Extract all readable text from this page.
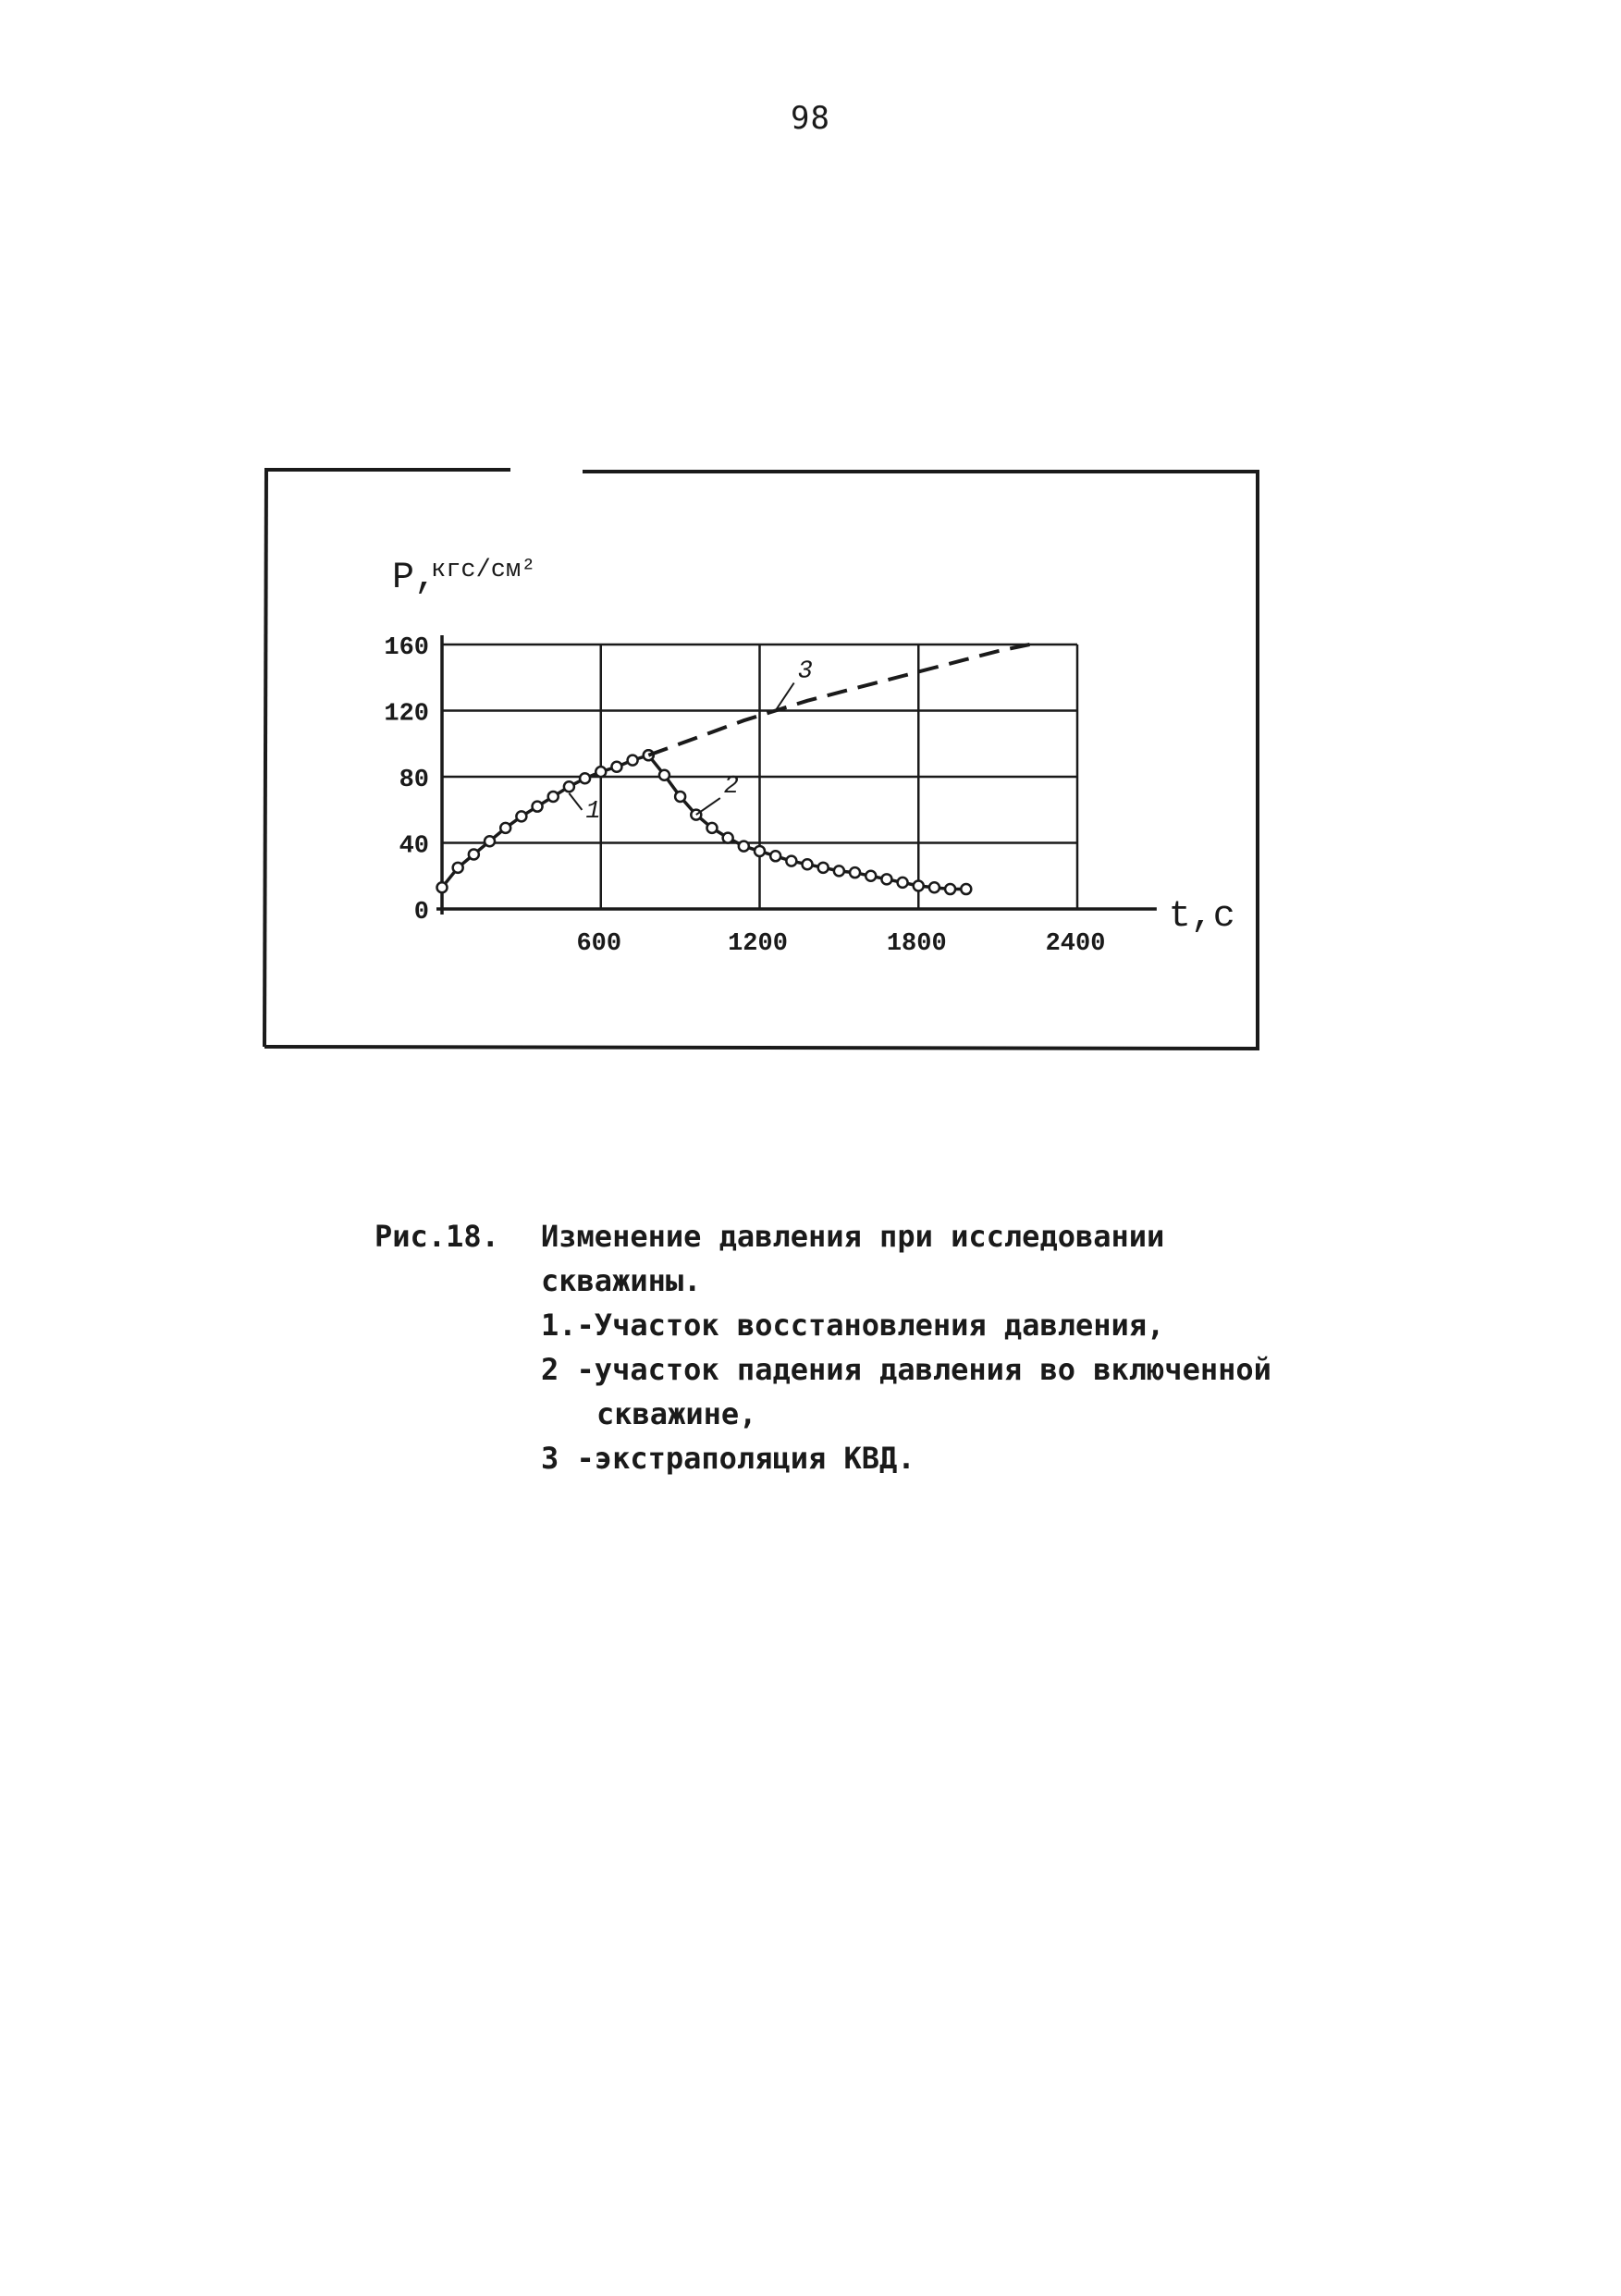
98
0
40
80
120
160
600	1200	1800	2400
P,
кгс/см²
t,c
1
2
3
Рис.18. Изменение давления при исследовании
скважины.
1.-Участок восстановления давления,
2 -участок падения давления во включенной
скважине,
3 -экстраполяция КВД.
